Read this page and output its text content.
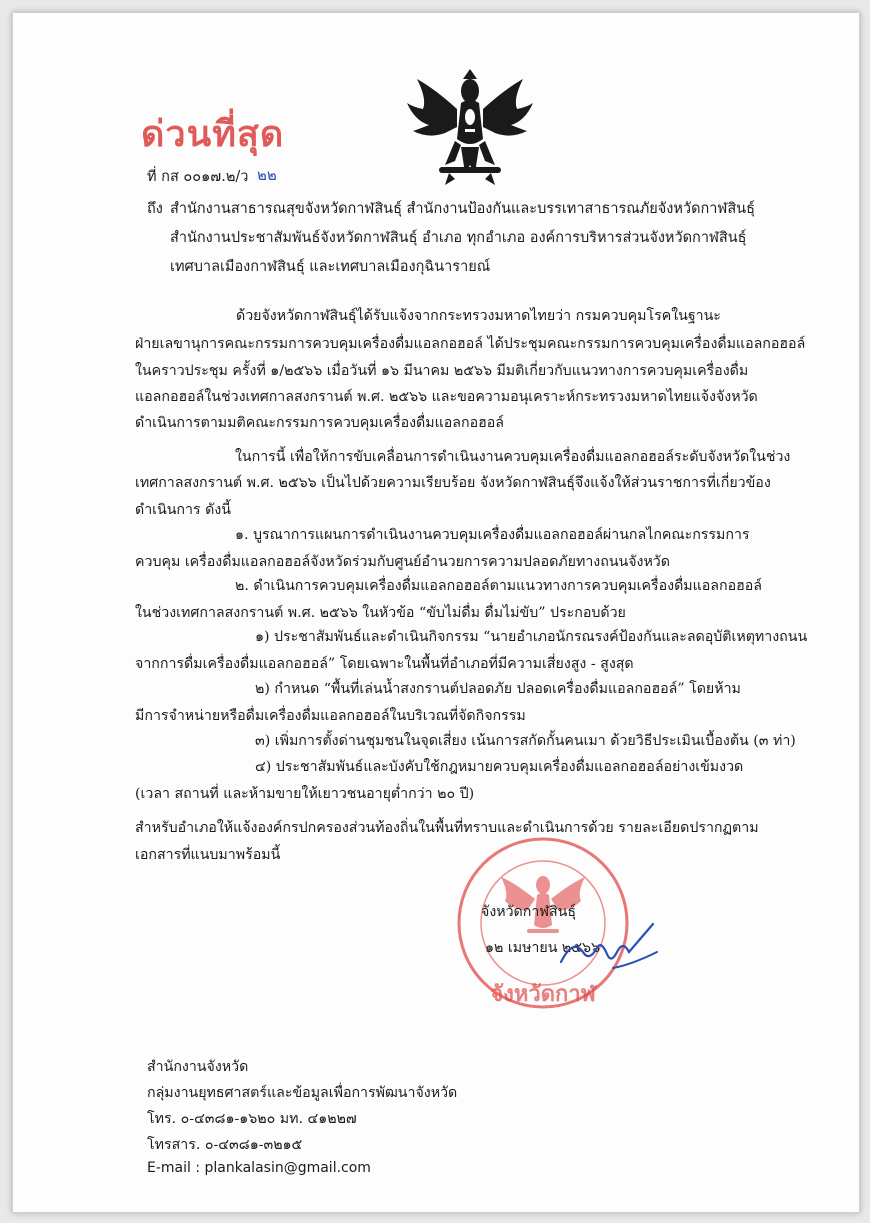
ด่วนที่สุด
ที่ กส ๐๐๑๗.๒/ว ๒๒
ถึง สำนักงานสาธารณสุขจังหวัดกาฬสินธุ์ สำนักงานป้องกันและบรรเทาสาธารณภัยจังหวัดกาฬสินธุ์
สำนักงานประชาสัมพันธ์จังหวัดกาฬสินธุ์ อำเภอ ทุกอำเภอ องค์การบริหารส่วนจังหวัดกาฬสินธุ์
เทศบาลเมืองกาฬสินธุ์ และเทศบาลเมืองกุฉินารายณ์
ด้วยจังหวัดกาฬสินธุ์ได้รับแจ้งจากกระทรวงมหาดไทยว่า กรมควบคุมโรคในฐานะ
ฝ่ายเลขานุการคณะกรรมการควบคุมเครื่องดื่มแอลกอฮอล์ ได้ประชุมคณะกรรมการควบคุมเครื่องดื่มแอลกอฮอล์
ในคราวประชุม ครั้งที่ ๑/๒๕๖๖ เมื่อวันที่ ๑๖ มีนาคม ๒๕๖๖ มีมติเกี่ยวกับแนวทางการควบคุมเครื่องดื่ม
แอลกอฮอล์ในช่วงเทศกาลสงกรานต์ พ.ศ. ๒๕๖๖ และขอความอนุเคราะห์กระทรวงมหาดไทยแจ้งจังหวัด
ดำเนินการตามมติคณะกรรมการควบคุมเครื่องดื่มแอลกอฮอล์
ในการนี้ เพื่อให้การขับเคลื่อนการดำเนินงานควบคุมเครื่องดื่มแอลกอฮอล์ระดับจังหวัดในช่วง
เทศกาลสงกรานต์ พ.ศ. ๒๕๖๖ เป็นไปด้วยความเรียบร้อย จังหวัดกาฬสินธุ์จึงแจ้งให้ส่วนราชการที่เกี่ยวข้อง
ดำเนินการ ดังนี้
๑. บูรณาการแผนการดำเนินงานควบคุมเครื่องดื่มแอลกอฮอล์ผ่านกลไกคณะกรรมการ
ควบคุม เครื่องดื่มแอลกอฮอล์จังหวัดร่วมกับศูนย์อำนวยการความปลอดภัยทางถนนจังหวัด
๒. ดำเนินการควบคุมเครื่องดื่มแอลกอฮอล์ตามแนวทางการควบคุมเครื่องดื่มแอลกอฮอล์
ในช่วงเทศกาลสงกรานต์ พ.ศ. ๒๕๖๖ ในหัวข้อ “ขับไม่ดื่ม ดื่มไม่ขับ” ประกอบด้วย
๑) ประชาสัมพันธ์และดำเนินกิจกรรม “นายอำเภอนักรณรงค์ป้องกันและลดอุบัติเหตุทางถนน
จากการดื่มเครื่องดื่มแอลกอฮอล์” โดยเฉพาะในพื้นที่อำเภอที่มีความเสี่ยงสูง - สูงสุด
๒) กำหนด “พื้นที่เล่นน้ำสงกรานต์ปลอดภัย ปลอดเครื่องดื่มแอลกอฮอล์” โดยห้าม
มีการจำหน่ายหรือดื่มเครื่องดื่มแอลกอฮอล์ในบริเวณที่จัดกิจกรรม
๓) เพิ่มการตั้งด่านชุมชนในจุดเสี่ยง เน้นการสกัดกั้นคนเมา ด้วยวิธีประเมินเบื้องต้น (๓ ท่า)
๔) ประชาสัมพันธ์และบังคับใช้กฎหมายควบคุมเครื่องดื่มแอลกอฮอล์อย่างเข้มงวด
(เวลา สถานที่ และห้ามขายให้เยาวชนอายุต่ำกว่า ๒๐ ปี)
สำหรับอำเภอให้แจ้งองค์กรปกครองส่วนท้องถิ่นในพื้นที่ทราบและดำเนินการด้วย รายละเอียดปรากฏตาม
เอกสารที่แนบมาพร้อมนี้
จังหวัดกาฬ
จังหวัดกาฬสินธุ์
๑๒ เมษายน ๒๕๖๖
สำนักงานจังหวัด
กลุ่มงานยุทธศาสตร์และข้อมูลเพื่อการพัฒนาจังหวัด
โทร. ๐-๔๓๘๑-๑๖๒๐ มท. ๔๑๒๒๗
โทรสาร. ๐-๔๓๘๑-๓๒๑๕
E-mail : plankalasin@gmail.com
